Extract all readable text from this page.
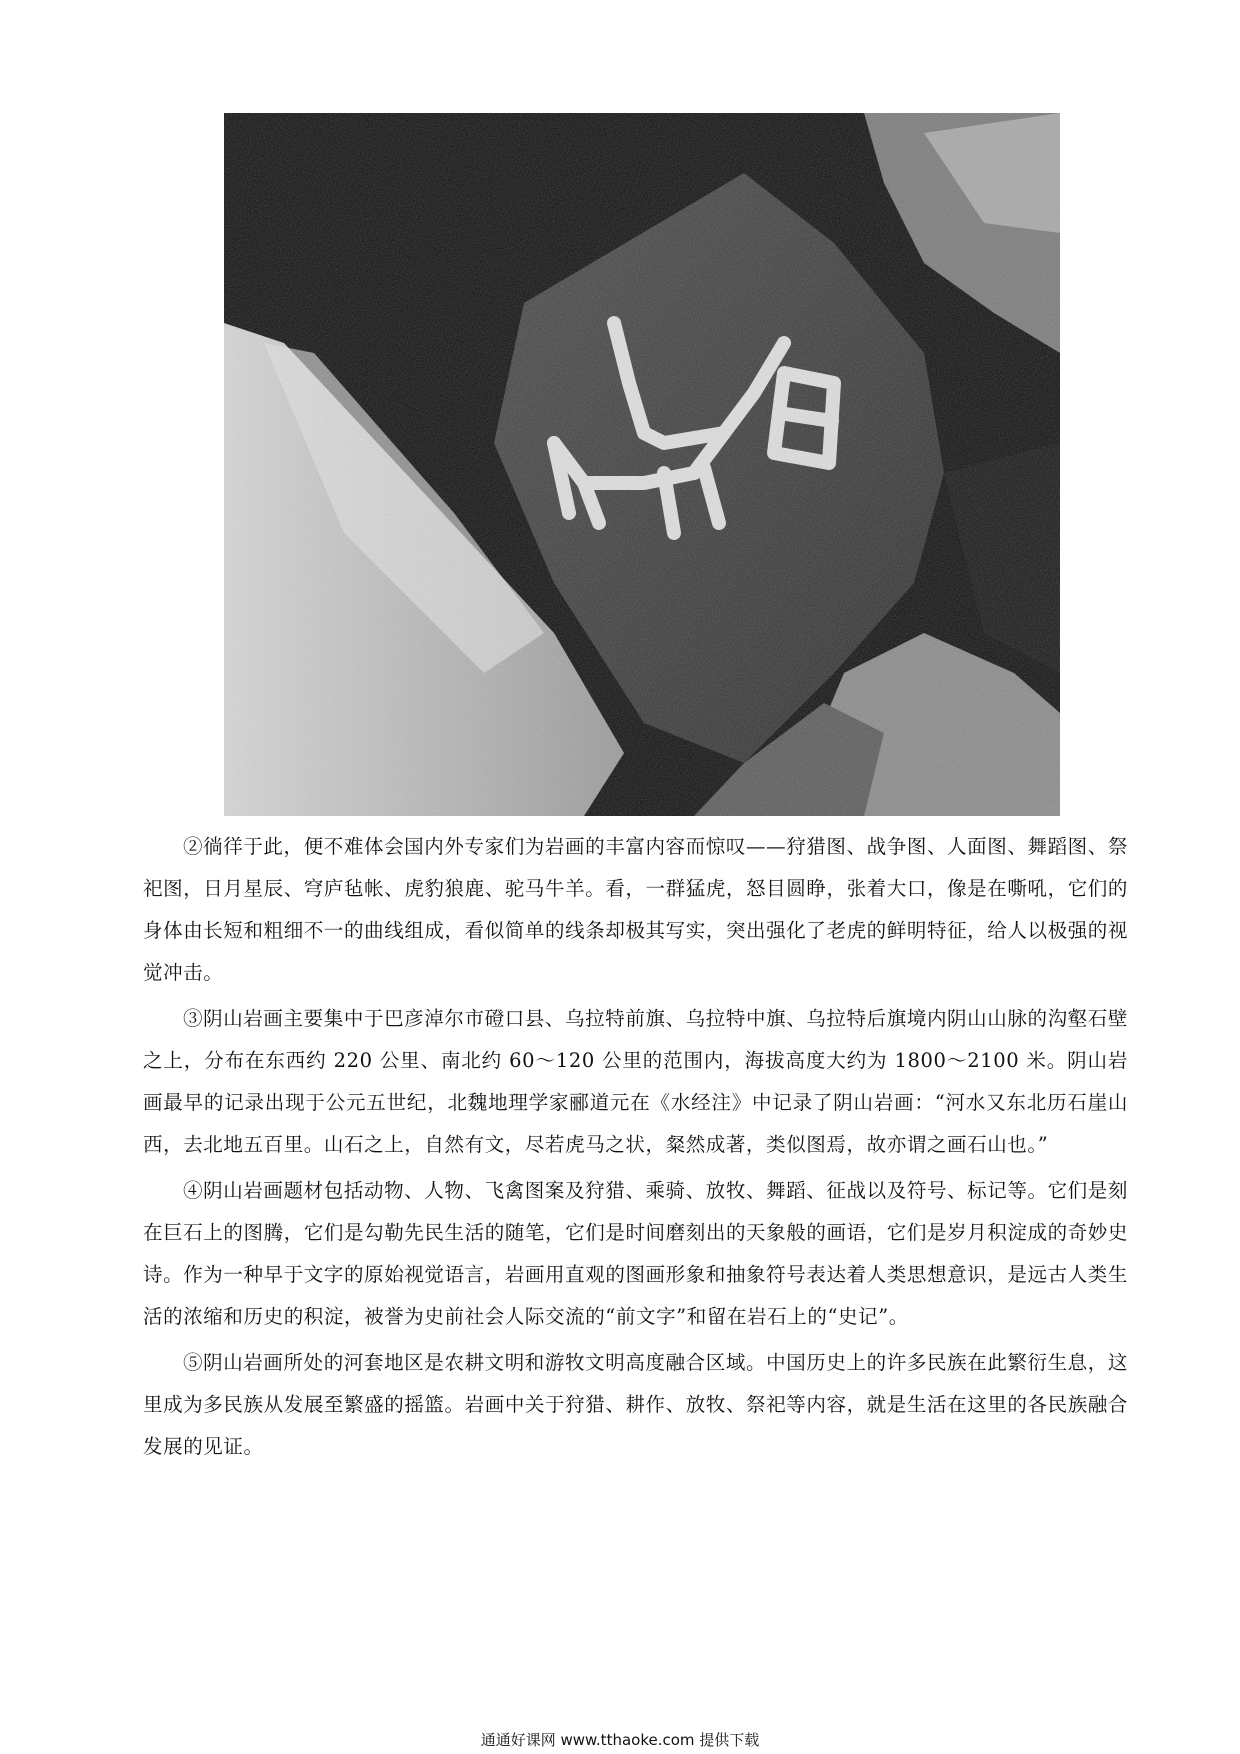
②徜徉于此，便不难体会国内外专家们为岩画的丰富内容而惊叹——狩猎图、战争图、人面图、舞蹈图、祭祀图，日月星辰、穹庐毡帐、虎豹狼鹿、驼马牛羊。看，一群猛虎，怒目圆睁，张着大口，像是在嘶吼，它们的身体由长短和粗细不一的曲线组成，看似简单的线条却极其写实，突出强化了老虎的鲜明特征，给人以极强的视觉冲击。

③阴山岩画主要集中于巴彦淖尔市磴口县、乌拉特前旗、乌拉特中旗、乌拉特后旗境内阴山山脉的沟壑石壁之上，分布在东西约 220 公里、南北约 60～120 公里的范围内，海拔高度大约为 1800～2100 米。阴山岩画最早的记录出现于公元五世纪，北魏地理学家郦道元在《水经注》中记录了阴山岩画：“河水又东北历石崖山西，去北地五百里。山石之上，自然有文，尽若虎马之状，粲然成著，类似图焉，故亦谓之画石山也。”

④阴山岩画题材包括动物、人物、飞禽图案及狩猎、乘骑、放牧、舞蹈、征战以及符号、标记等。它们是刻在巨石上的图腾，它们是勾勒先民生活的随笔，它们是时间磨刻出的天象般的画语，它们是岁月积淀成的奇妙史诗。作为一种早于文字的原始视觉语言，岩画用直观的图画形象和抽象符号表达着人类思想意识，是远古人类生活的浓缩和历史的积淀，被誉为史前社会人际交流的“前文字”和留在岩石上的“史记”。

⑤阴山岩画所处的河套地区是农耕文明和游牧文明高度融合区域。中国历史上的许多民族在此繁衍生息，这里成为多民族从发展至繁盛的摇篮。岩画中关于狩猎、耕作、放牧、祭祀等内容，就是生活在这里的各民族融合发展的见证。

通通好课网 www.tthaoke.com 提供下载
